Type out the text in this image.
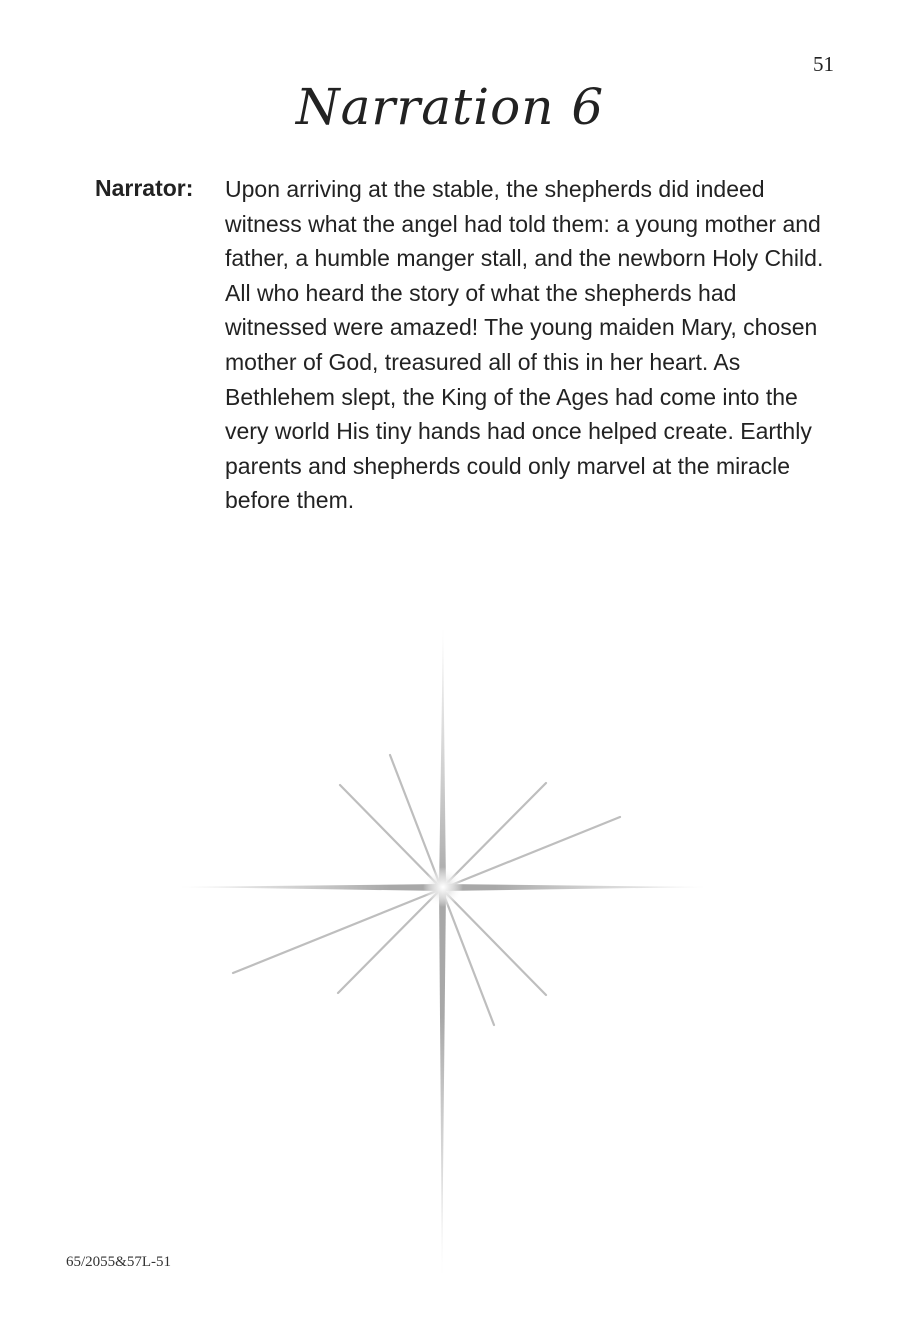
51
Narration 6
Narrator: Upon arriving at the stable, the shepherds did indeed witness what the angel had told them: a young mother and father, a humble manger stall, and the newborn Holy Child. All who heard the story of what the shepherds had witnessed were amazed! The young maiden Mary, chosen mother of God, treasured all of this in her heart. As Bethlehem slept, the King of the Ages had come into the very world His tiny hands had once helped create. Earthly parents and shepherds could only marvel at the miracle before them.

65/2055&57L-51
